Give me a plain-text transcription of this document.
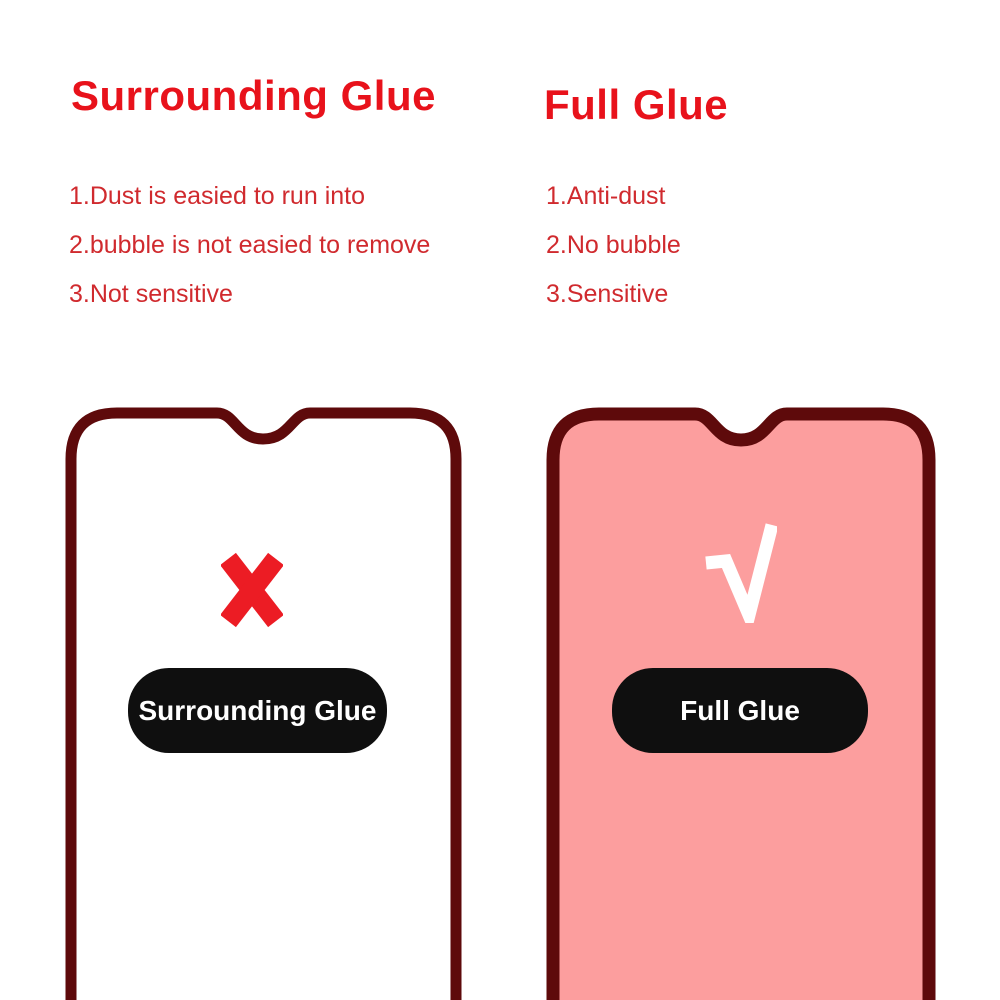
Surrounding Glue	Full Glue
1.Dust is easied to run into
2.bubble is not easied to remove
3.Not sensitive
1.Anti-dust
2.No bubble
3.Sensitive
Surrounding Glue	Full Glue
